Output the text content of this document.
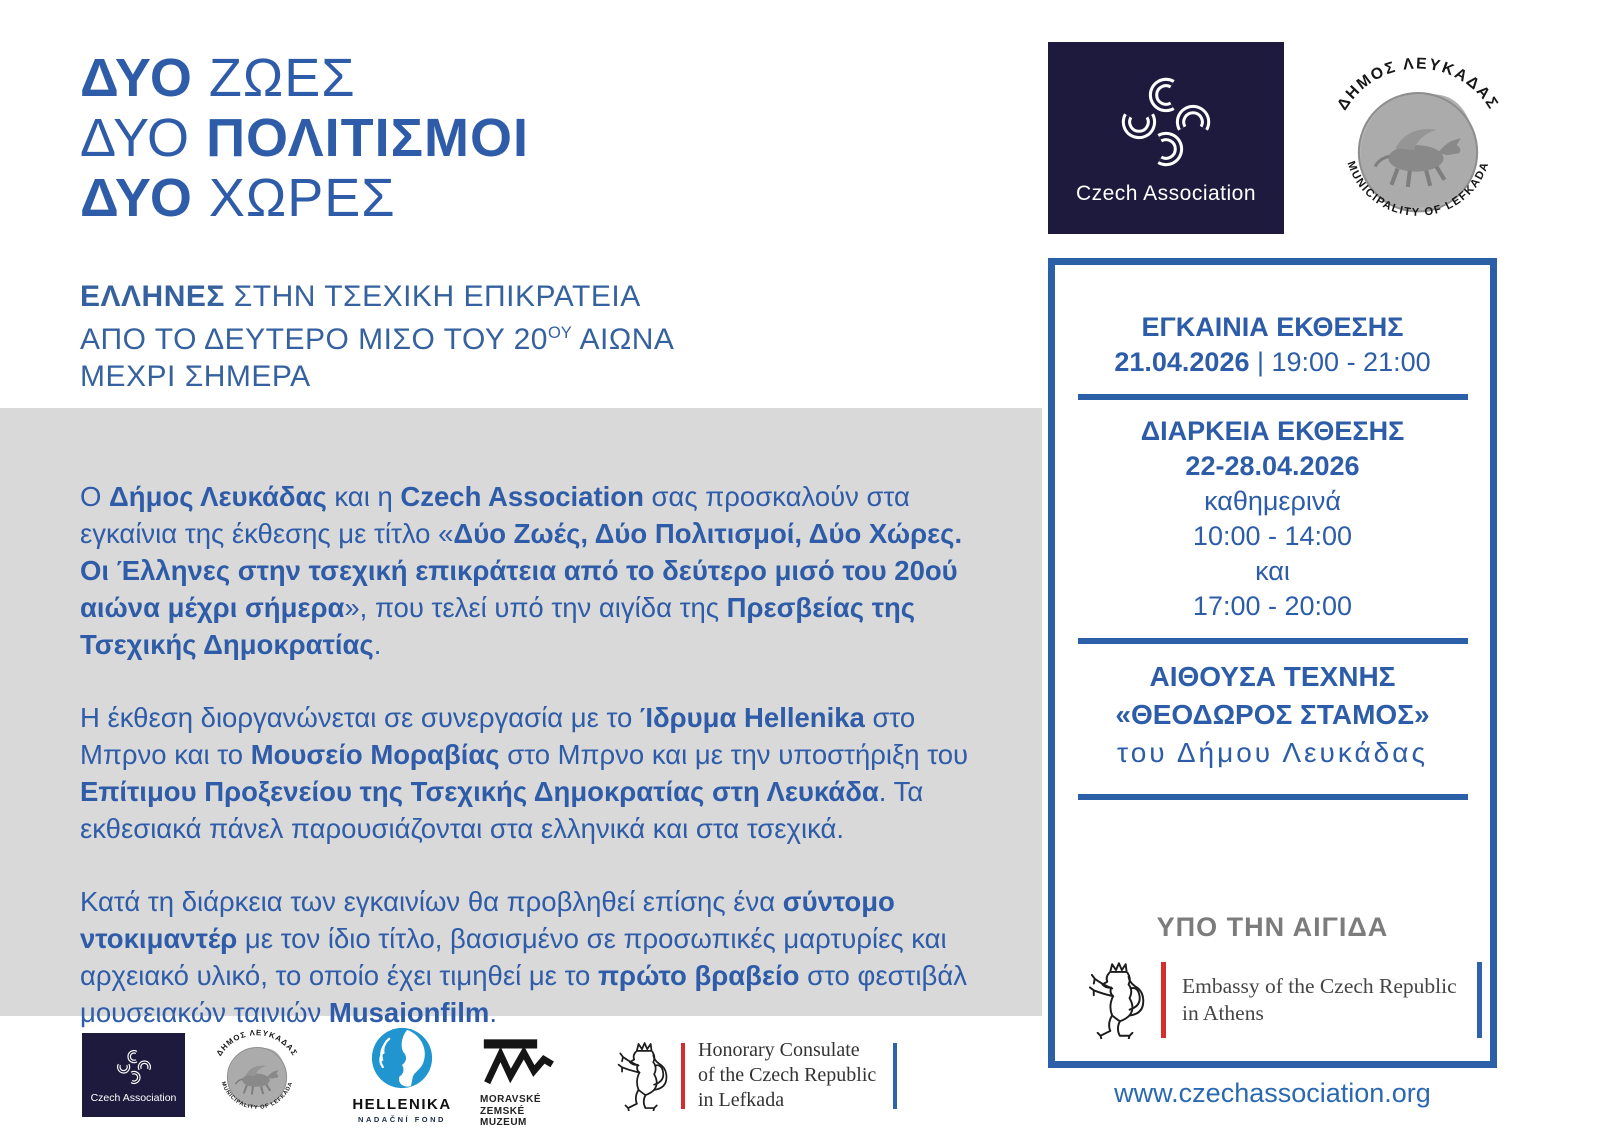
ΔΥΟ ΖΩΕΣ
ΔΥΟ ΠΟΛΙΤΙΣΜΟΙ
ΔΥΟ ΧΩΡΕΣ
ΕΛΛΗΝΕΣ ΣΤΗΝ ΤΣΕΧΙΚΗ ΕΠΙΚΡΑΤΕΙΑ
ΑΠΟ ΤΟ ΔΕΥΤΕΡΟ ΜΙΣΟ ΤΟΥ $20^{O\Upsilon}$ ΑΙΩΝΑ
ΜΕΧΡΙ ΣΗΜΕΡΑ

Ο Δήμος Λευκάδας και η Czech Association σας προσκαλούν στα εγκαίνια της έκθεσης με τίτλο «Δύο Ζωές, Δύο Πολιτισμοί, Δύο Χώρες. Οι Έλληνες στην τσεχική επικράτεια από το δεύτερο μισό του 20ού αιώνα μέχρι σήμερα», που τελεί υπό την αιγίδα της Πρεσβείας της Τσεχικής Δημοκρατίας.

Η έκθεση διοργανώνεται σε συνεργασία με το Ίδρυμα Hellenika στο Μπρνο και το Μουσείο Μοραβίας στο Μπρνο και με την υποστήριξη του Επίτιμου Προξενείου της Τσεχικής Δημοκρατίας στη Λευκάδα. Τα εκθεσιακά πάνελ παρουσιάζονται στα ελληνικά και στα τσεχικά.

Κατά τη διάρκεια των εγκαινίων θα προβληθεί επίσης ένα σύντομο ντοκιμαντέρ με τον ίδιο τίτλο, βασισμένο σε προσωπικές μαρτυρίες και αρχειακό υλικό, το οποίο έχει τιμηθεί με το πρώτο βραβείο στο φεστιβάλ μουσειακών ταινιών Musaionfilm.

Czech Association
ΕΓΚΑΙΝΙΑ ΕΚΘΕΣΗΣ
21.04.2026 | 19:00 - 21:00
ΔΙΑΡΚΕΙΑ ΕΚΘΕΣΗΣ
22-28.04.2026
καθημερινά
10:00 - 14:00
και
17:00 - 20:00
ΑΙΘΟΥΣΑ ΤΕΧΝΗΣ
«ΘΕΟΔΩΡΟΣ ΣΤΑΜΟΣ»
του Δήμου Λευκάδας
ΥΠΟ ΤΗΝ ΑΙΓΙΔΑ
Embassy of the Czech Republic
in Athens
www.czechassociation.org
Czech Association	HELLENIKA
NADAČNÍ FOND
MORAVSKÉ
ZEMSKÉ
MUZEUM
Honorary Consulate
of the Czech Republic
in Lefkada
